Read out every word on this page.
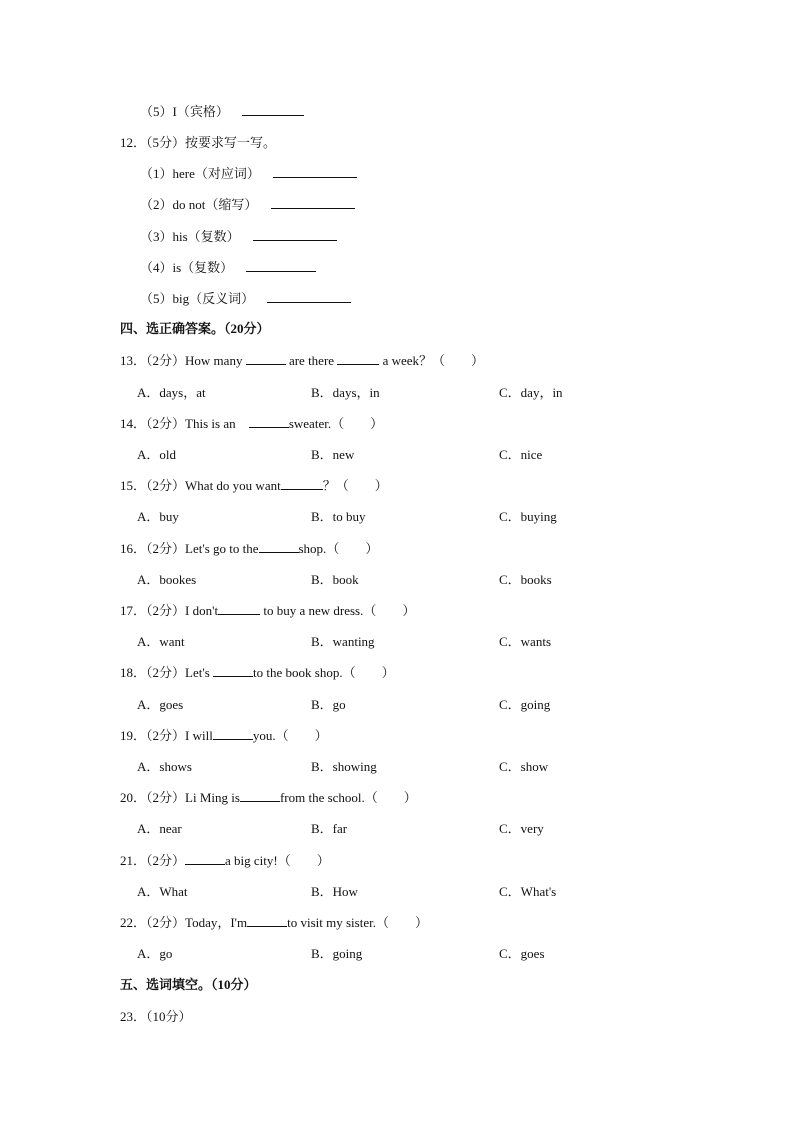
（5）I（宾格）
12．（5分）按要求写一写。
（1）here（对应词）
（2）do not（缩写）
（3）his（复数）
（4）is（复数）
（5）big（反义词）
四、选正确答案。（20分）
13．（2分）How many	are there	a week？（　　）
A．days，at	B．days，in	C．day，in
14．（2分）This is an	sweater.（　　）
A．old	B．new	C．nice
15．（2分）What do you want	？（　　）
A．buy	B．to buy	C．buying
16．（2分）Let's go to the	shop.（　　）
A．bookes	B．book	C．books
17．（2分）I don't	to buy a new dress.（　　）
A．want	B．wanting	C．wants
18．（2分）Let's	to the book shop.（　　）
A．goes	B．go	C．going
19．（2分）I will	you.（　　）
A．shows	B．showing	C．show
20．（2分）Li Ming is	from the school.（　　）
A．near	B．far	C．very
21．（2分）	a big city!（　　）
A．What	B．How	C．What's
22．（2分）Today，I'm	to visit my sister.（　　）
A．go	B．going	C．goes
五、选词填空。（10分）
23．（10分）
